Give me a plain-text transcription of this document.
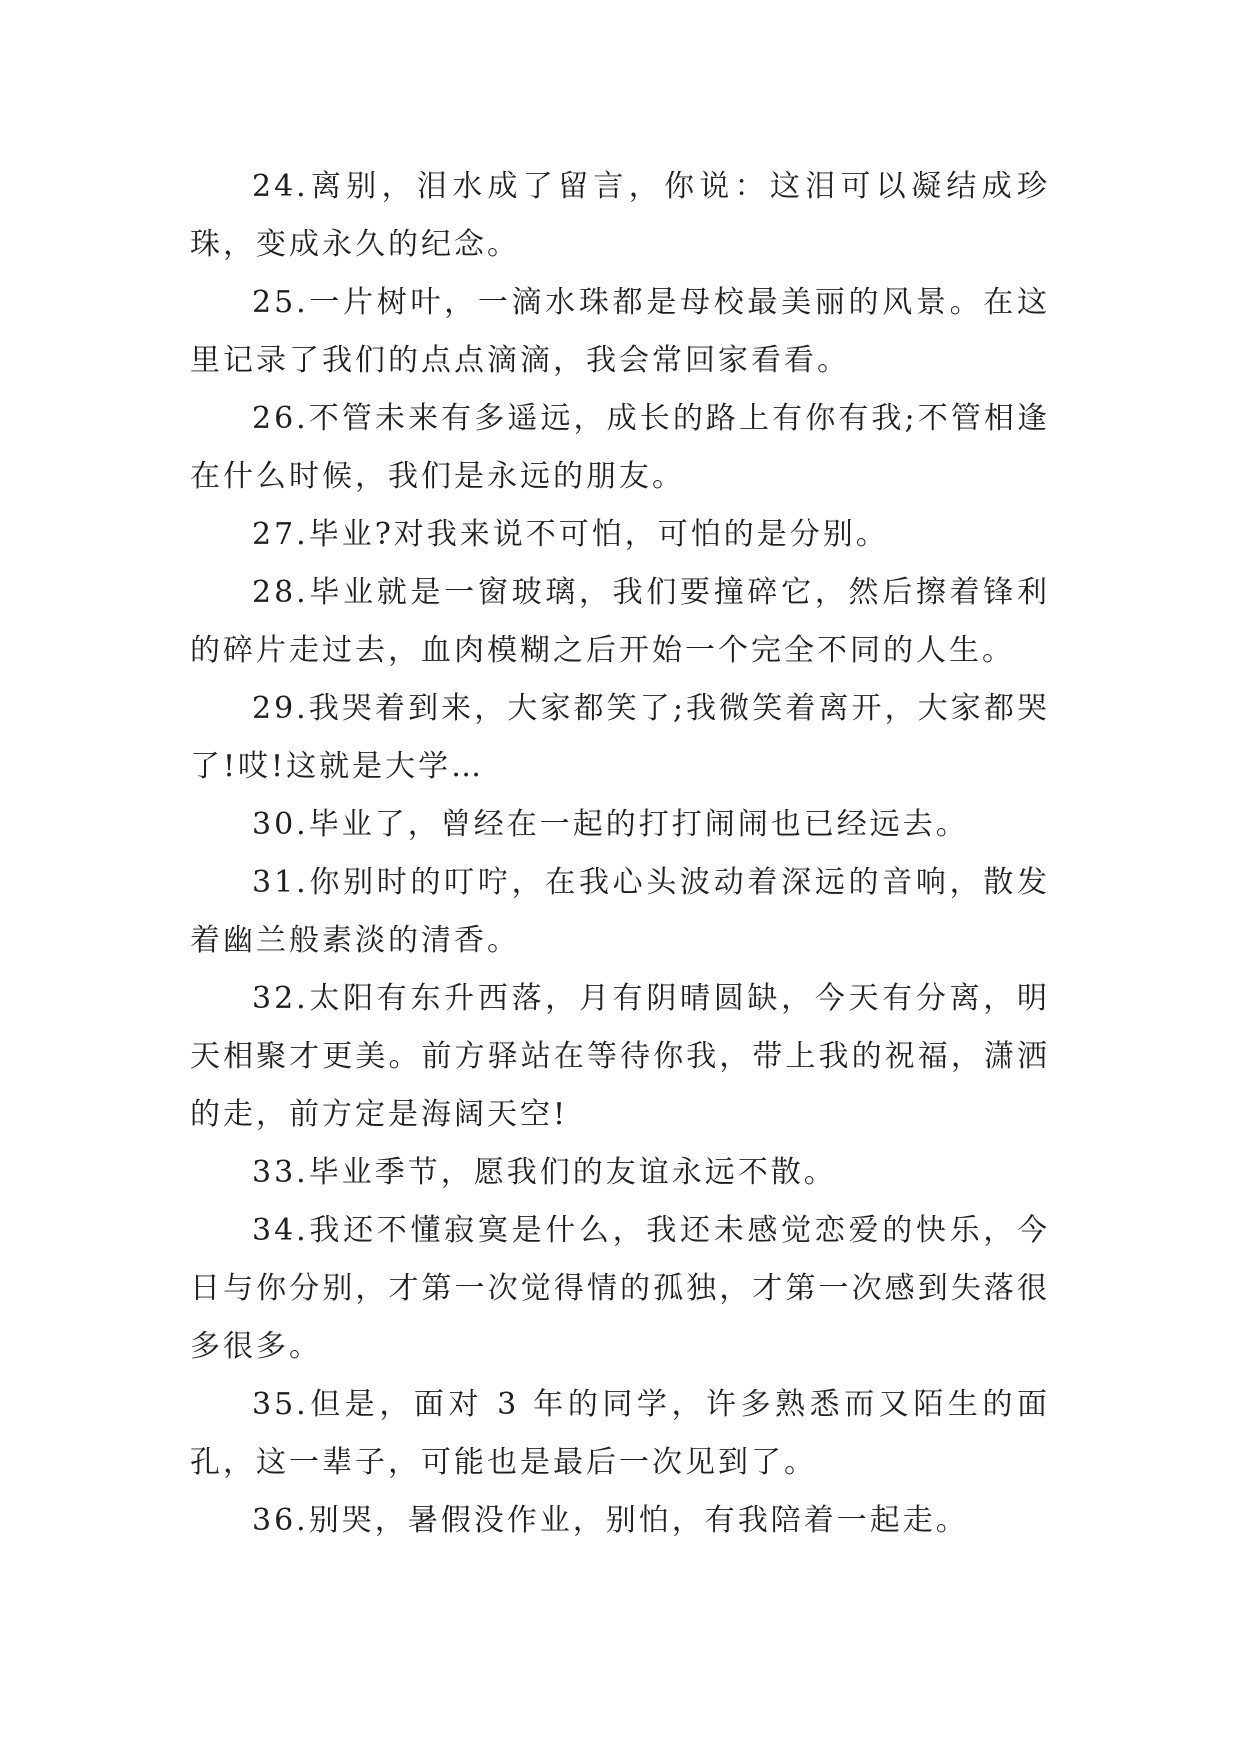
24.离别，泪水成了留言，你说：这泪可以凝结成珍珠，变成永久的纪念。

25.一片树叶，一滴水珠都是母校最美丽的风景。在这里记录了我们的点点滴滴，我会常回家看看。

26.不管未来有多遥远，成长的路上有你有我;不管相逢在什么时候，我们是永远的朋友。

27.毕业?对我来说不可怕，可怕的是分别。

28.毕业就是一窗玻璃，我们要撞碎它，然后擦着锋利的碎片走过去，血肉模糊之后开始一个完全不同的人生。

29.我哭着到来，大家都笑了;我微笑着离开，大家都哭了!哎!这就是大学…

30.毕业了，曾经在一起的打打闹闹也已经远去。

31.你别时的叮咛，在我心头波动着深远的音响，散发着幽兰般素淡的清香。

32.太阳有东升西落，月有阴晴圆缺，今天有分离，明天相聚才更美。前方驿站在等待你我，带上我的祝福，潇洒的走，前方定是海阔天空!

33.毕业季节，愿我们的友谊永远不散。

34.我还不懂寂寞是什么，我还未感觉恋爱的快乐，今日与你分别，才第一次觉得情的孤独，才第一次感到失落很多很多。

35.但是，面对 3 年的同学，许多熟悉而又陌生的面孔，这一辈子，可能也是最后一次见到了。

36.别哭，暑假没作业，别怕，有我陪着一起走。
